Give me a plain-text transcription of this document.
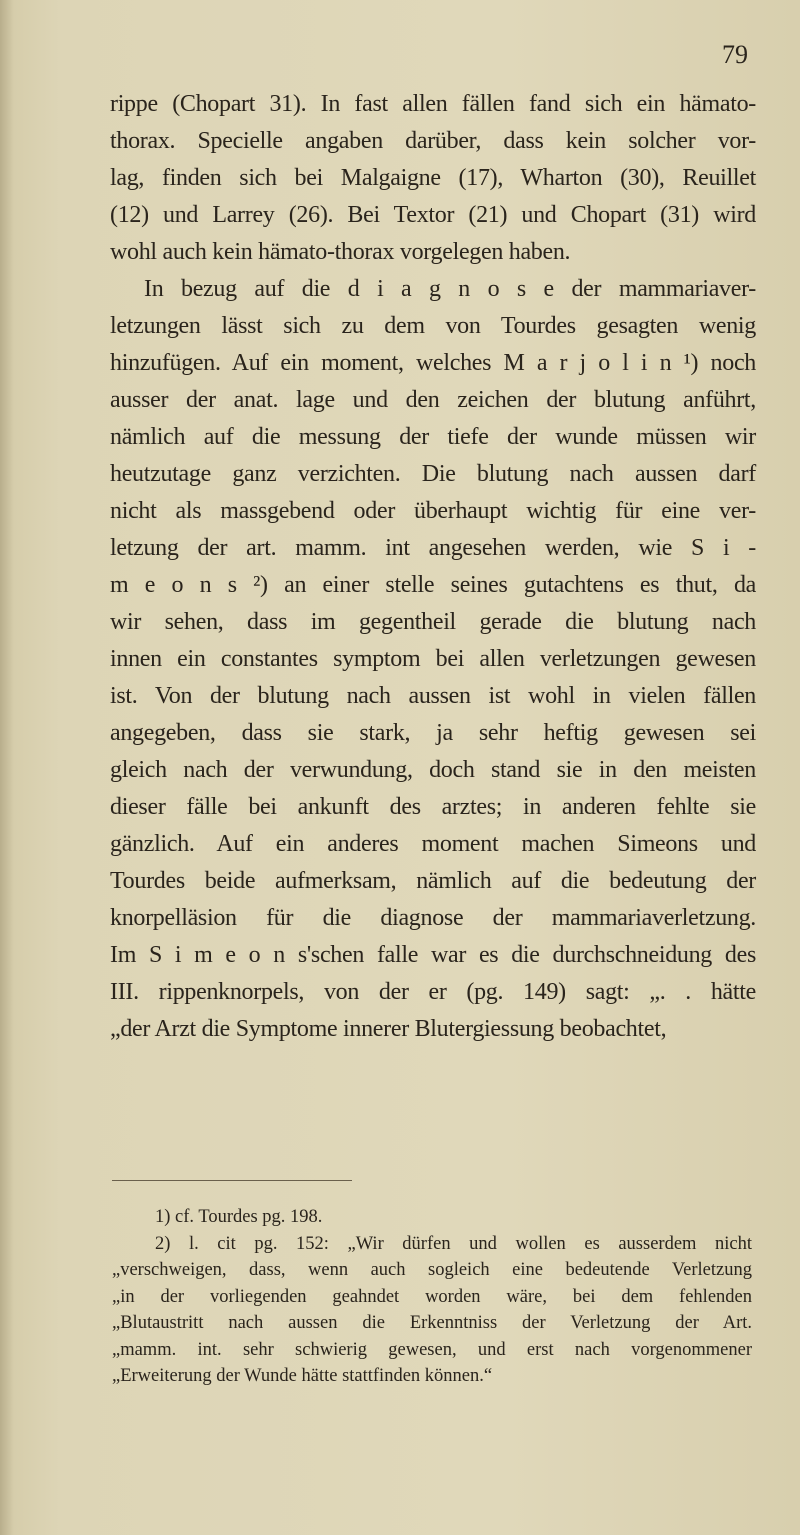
79
rippe (Chopart 31). In fast allen fällen fand sich ein hämato-
thorax. Specielle angaben darüber, dass kein solcher vor-
lag, finden sich bei Malgaigne (17), Wharton (30), Reuillet
(12) und Larrey (26). Bei Textor (21) und Chopart (31) wird
wohl auch kein hämato-thorax vorgelegen haben.
In bezug auf die d i a g n o s e der mammariaver-
letzungen lässt sich zu dem von Tourdes gesagten wenig
hinzufügen. Auf ein moment, welches M a r j o l i n ¹) noch
ausser der anat. lage und den zeichen der blutung anführt,
nämlich auf die messung der tiefe der wunde müssen wir
heutzutage ganz verzichten. Die blutung nach aussen darf
nicht als massgebend oder überhaupt wichtig für eine ver-
letzung der art. mamm. int angesehen werden, wie S i -
m e o n s ²) an einer stelle seines gutachtens es thut, da
wir sehen, dass im gegentheil gerade die blutung nach
innen ein constantes symptom bei allen verletzungen gewesen
ist. Von der blutung nach aussen ist wohl in vielen fällen
angegeben, dass sie stark, ja sehr heftig gewesen sei
gleich nach der verwundung, doch stand sie in den meisten
dieser fälle bei ankunft des arztes; in anderen fehlte sie
gänzlich. Auf ein anderes moment machen Simeons und
Tourdes beide aufmerksam, nämlich auf die bedeutung der
knorpelläsion für die diagnose der mammariaverletzung.
Im S i m e o n s'schen falle war es die durchschneidung des
III. rippenknorpels, von der er (pg. 149) sagt: „. . hätte
„der Arzt die Symptome innerer Blutergiessung beobachtet,
1) cf. Tourdes pg. 198.
2) l. cit pg. 152: „Wir dürfen und wollen es ausserdem nicht
„verschweigen, dass, wenn auch sogleich eine bedeutende Verletzung
„in der vorliegenden geahndet worden wäre, bei dem fehlenden
„Blutaustritt nach aussen die Erkenntniss der Verletzung der Art.
„mamm. int. sehr schwierig gewesen, und erst nach vorgenommener
„Erweiterung der Wunde hätte stattfinden können.“
